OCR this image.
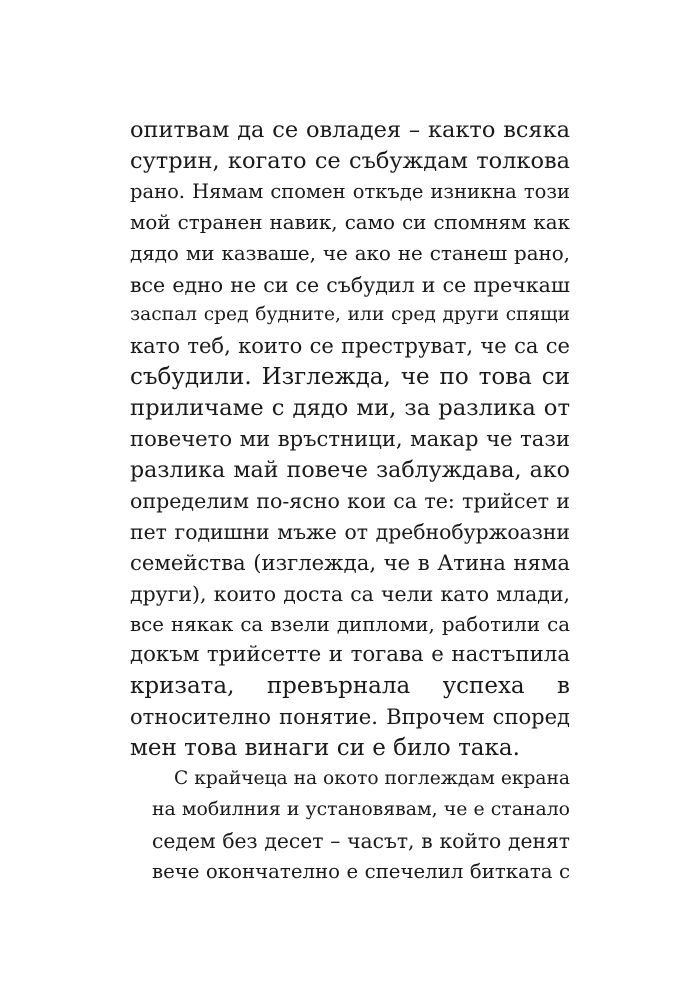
опитвам да се овладея – както всяка
сутрин, когато се събуждам толкова
рано. Нямам спомен откъде изникна този
мой странен навик, само си спомням как
дядо ми казваше, че ако не станеш рано,
все едно не си се събудил и се пречкаш
заспал сред будните, или сред други спящи
като теб, които се преструват, че са се
събудили. Изглежда, че по това си
приличаме с дядо ми, за разлика от
повечето ми връстници, макар че тази
разлика май повече заблуждава, ако
определим по-ясно кои са те: трийсет и
пет годишни мъже от дребнобуржоазни
семейства (изглежда, че в Атина няма
други), които доста са чели като млади,
все някак са взели дипломи, работили са
докъм трийсетте и тогава е настъпила
кризата, превърнала успеха в
относително понятие. Впрочем според
мен това винаги си е било така.
С крайчеца на окото поглеждам екрана
на мобилния и установявам, че е станало
седем без десет – часът, в който денят
вече окончателно е спечелил битката с
